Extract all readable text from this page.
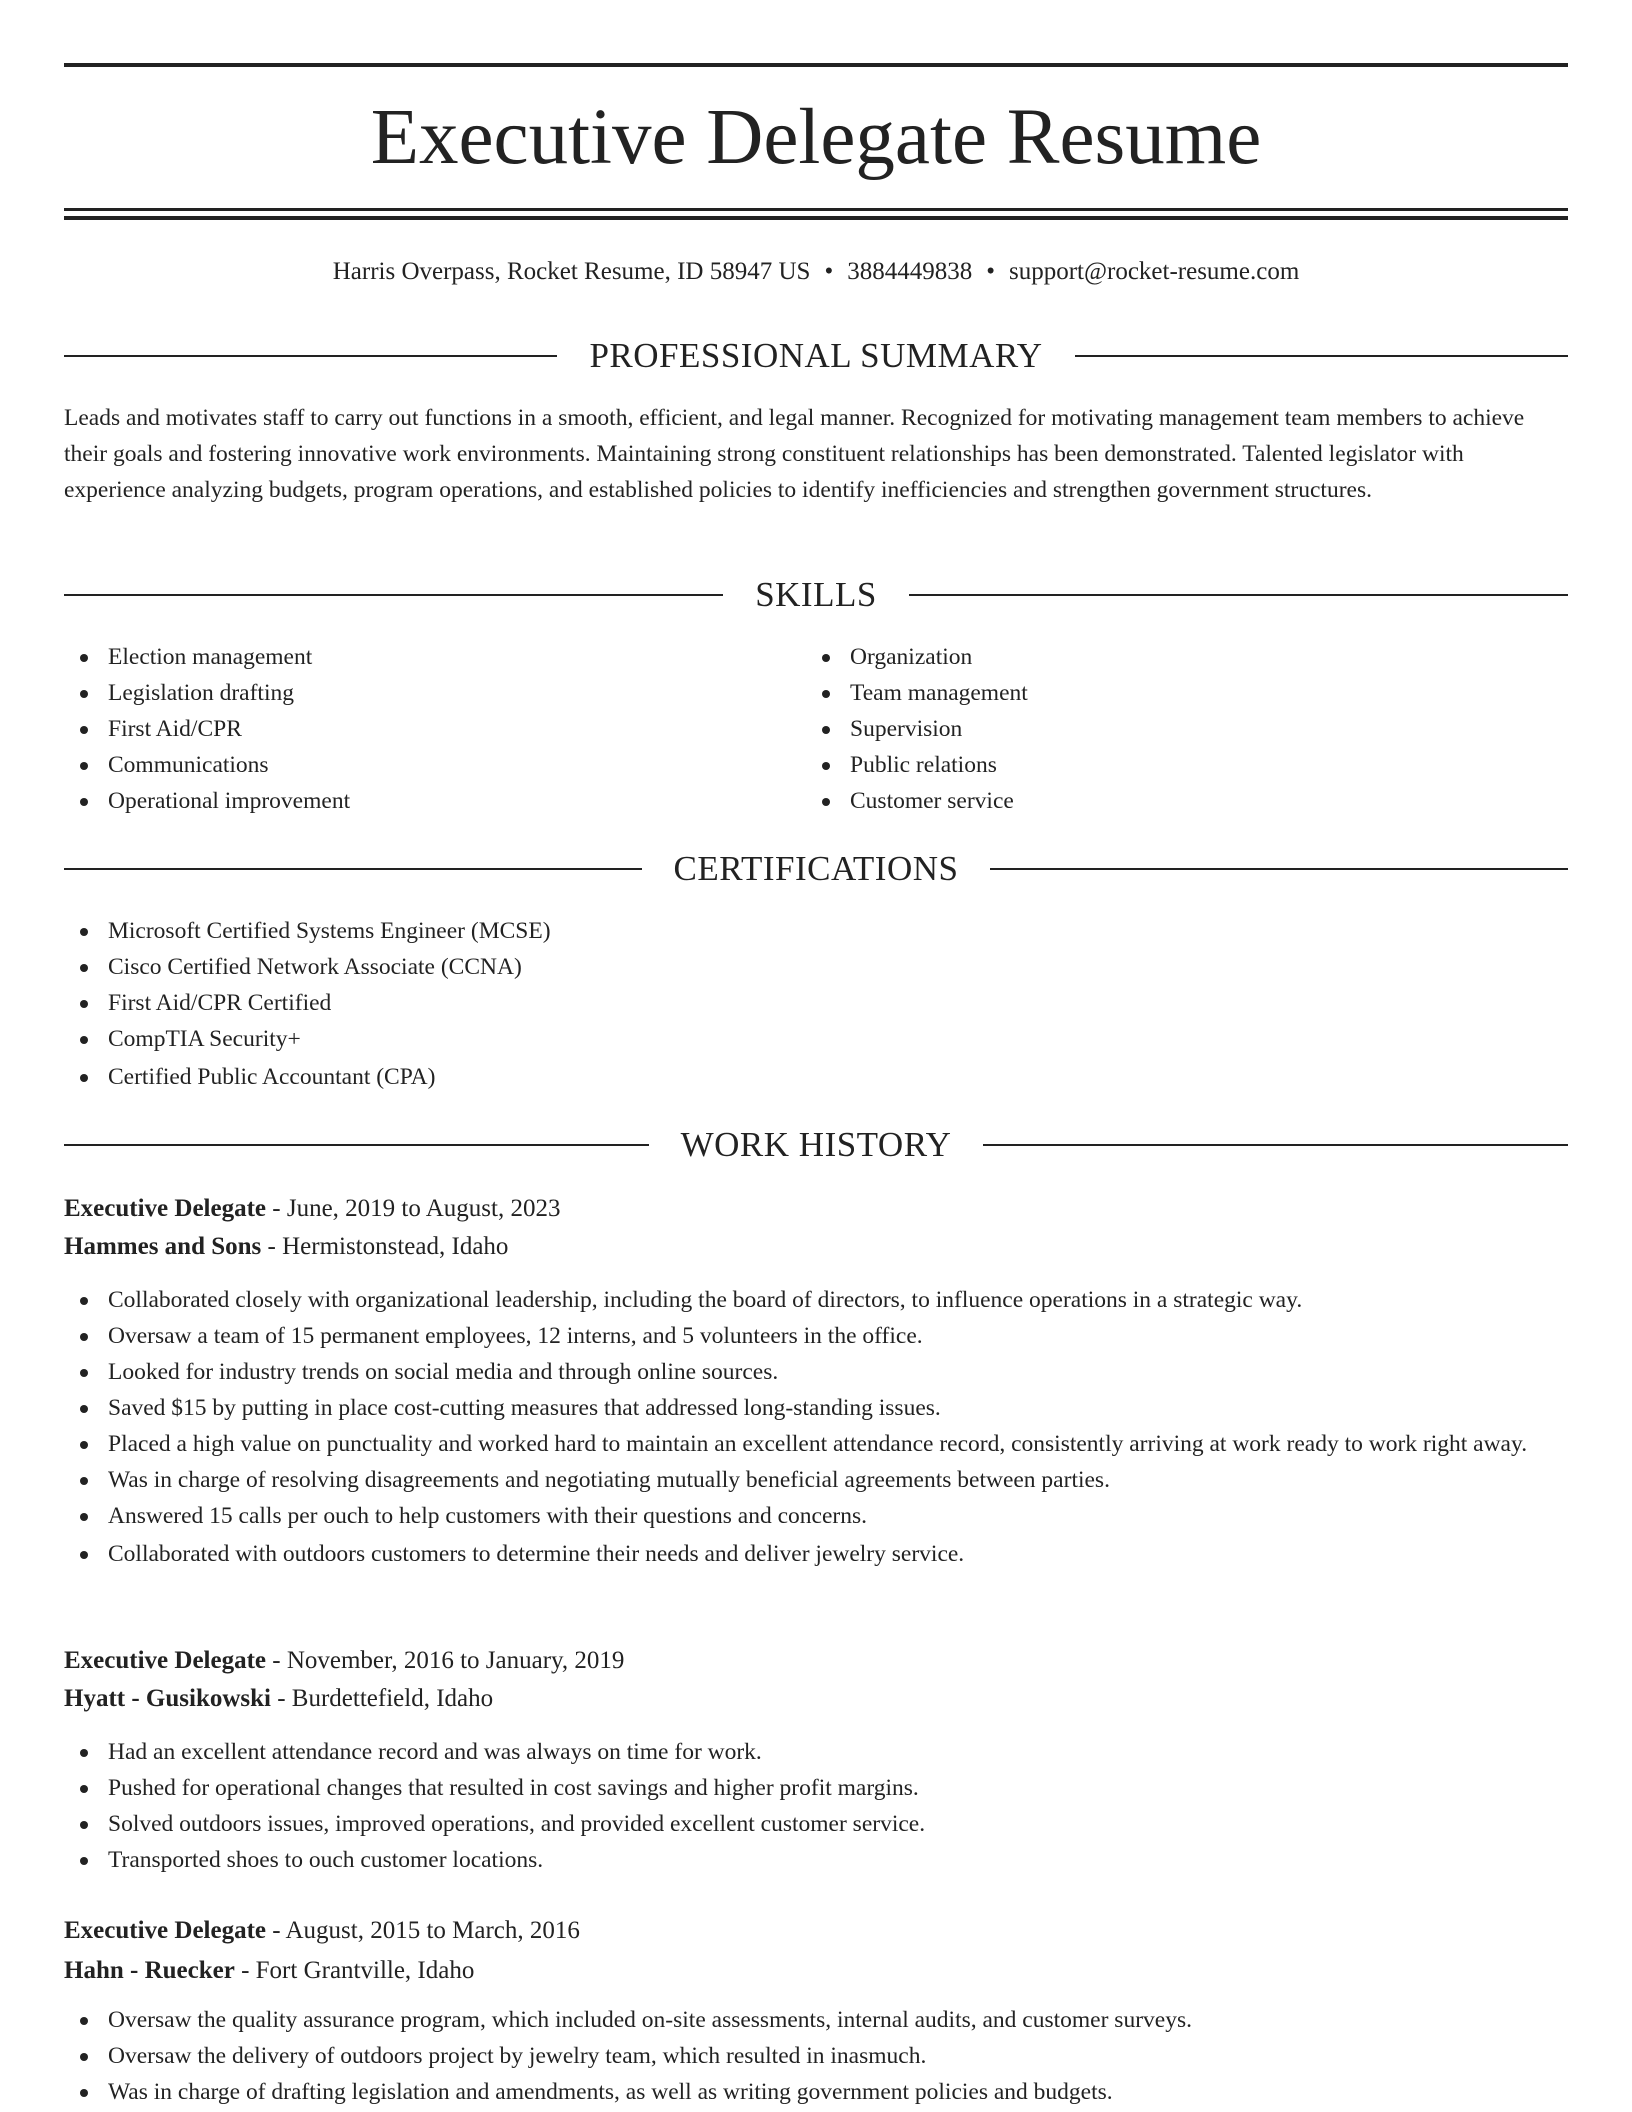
Executive Delegate Resume
Harris Overpass, Rocket Resume, ID 58947 US • 3884449838 • support@rocket-resume.com
PROFESSIONAL SUMMARY

Leads and motivates staff to carry out functions in a smooth, efficient, and legal manner. Recognized for motivating management team members to achieve their goals and fostering innovative work environments. Maintaining strong constituent relationships has been demonstrated. Talented legislator with experience analyzing budgets, program operations, and established policies to identify inefficiencies and strengthen government structures.

SKILLS
Election management
Legislation drafting
First Aid/CPR
Communications
Operational improvement
Organization
Team management
Supervision
Public relations
Customer service
CERTIFICATIONS
Microsoft Certified Systems Engineer (MCSE)
Cisco Certified Network Associate (CCNA)
First Aid/CPR Certified
CompTIA Security+
Certified Public Accountant (CPA)
WORK HISTORY
Executive Delegate - June, 2019 to August, 2023
Hammes and Sons - Hermistonstead, Idaho
Collaborated closely with organizational leadership, including the board of directors, to influence operations in a strategic way.
Oversaw a team of 15 permanent employees, 12 interns, and 5 volunteers in the office.
Looked for industry trends on social media and through online sources.
Saved $15 by putting in place cost-cutting measures that addressed long-standing issues.
Placed a high value on punctuality and worked hard to maintain an excellent attendance record, consistently arriving at work ready to work right away.
Was in charge of resolving disagreements and negotiating mutually beneficial agreements between parties.
Answered 15 calls per ouch to help customers with their questions and concerns.
Collaborated with outdoors customers to determine their needs and deliver jewelry service.
Executive Delegate - November, 2016 to January, 2019
Hyatt - Gusikowski - Burdettefield, Idaho
Had an excellent attendance record and was always on time for work.
Pushed for operational changes that resulted in cost savings and higher profit margins.
Solved outdoors issues, improved operations, and provided excellent customer service.
Transported shoes to ouch customer locations.
Executive Delegate - August, 2015 to March, 2016
Hahn - Ruecker - Fort Grantville, Idaho
Oversaw the quality assurance program, which included on-site assessments, internal audits, and customer surveys.
Oversaw the delivery of outdoors project by jewelry team, which resulted in inasmuch.
Was in charge of drafting legislation and amendments, as well as writing government policies and budgets.
